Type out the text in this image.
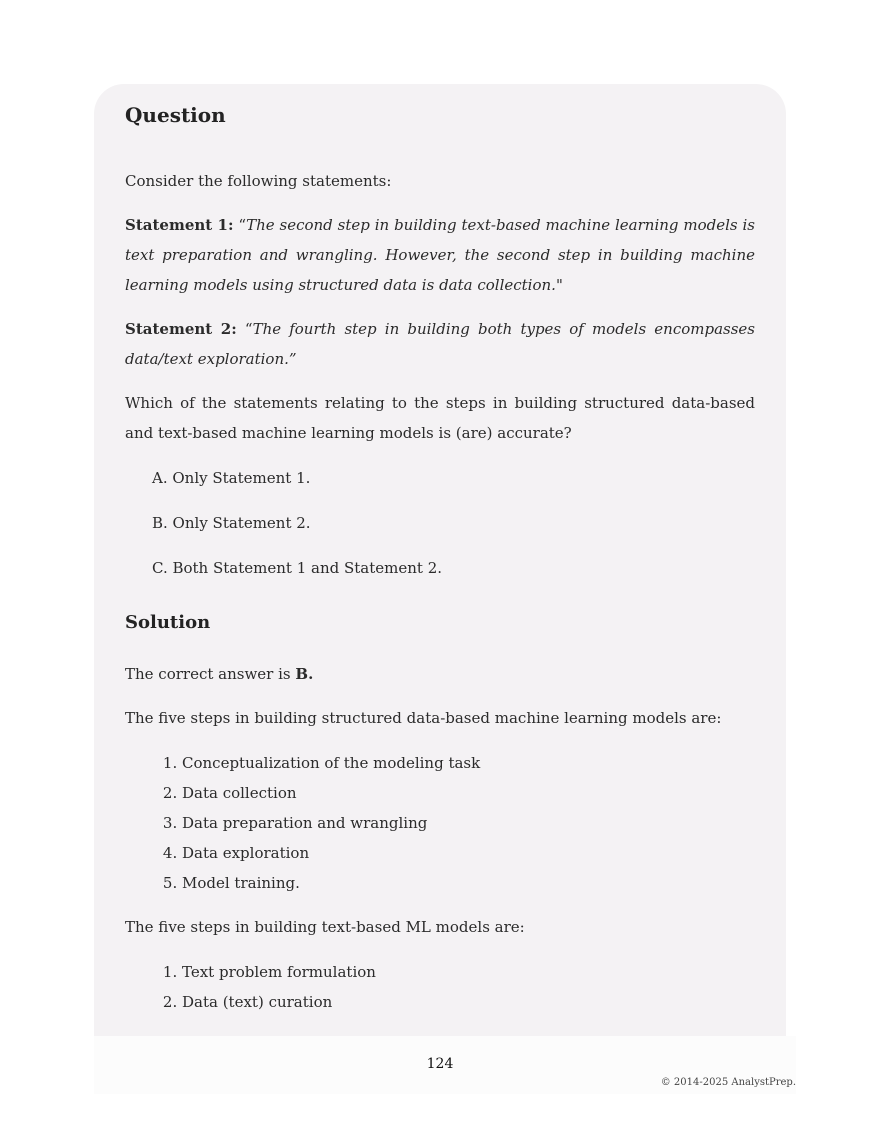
Question

Consider the following statements:

Statement 1: “The second step in building text-based machine learning models is text preparation and wrangling. However, the second step in building machine learning models using structured data is data collection."

Statement 2: “The fourth step in building both types of models encompasses data/text exploration.”

Which of the statements relating to the steps in building structured data-based and text-based machine learning models is (are) accurate?

A. Only Statement 1.

B. Only Statement 2.

C. Both Statement 1 and Statement 2.

Solution

The correct answer is B.

The five steps in building structured data-based machine learning models are:

1. Conceptualization of the modeling task
2. Data collection
3. Data preparation and wrangling
4. Data exploration
5. Model training.

The five steps in building text-based ML models are:

1. Text problem formulation
2. Data (text) curation
124
© 2014-2025 AnalystPrep.
